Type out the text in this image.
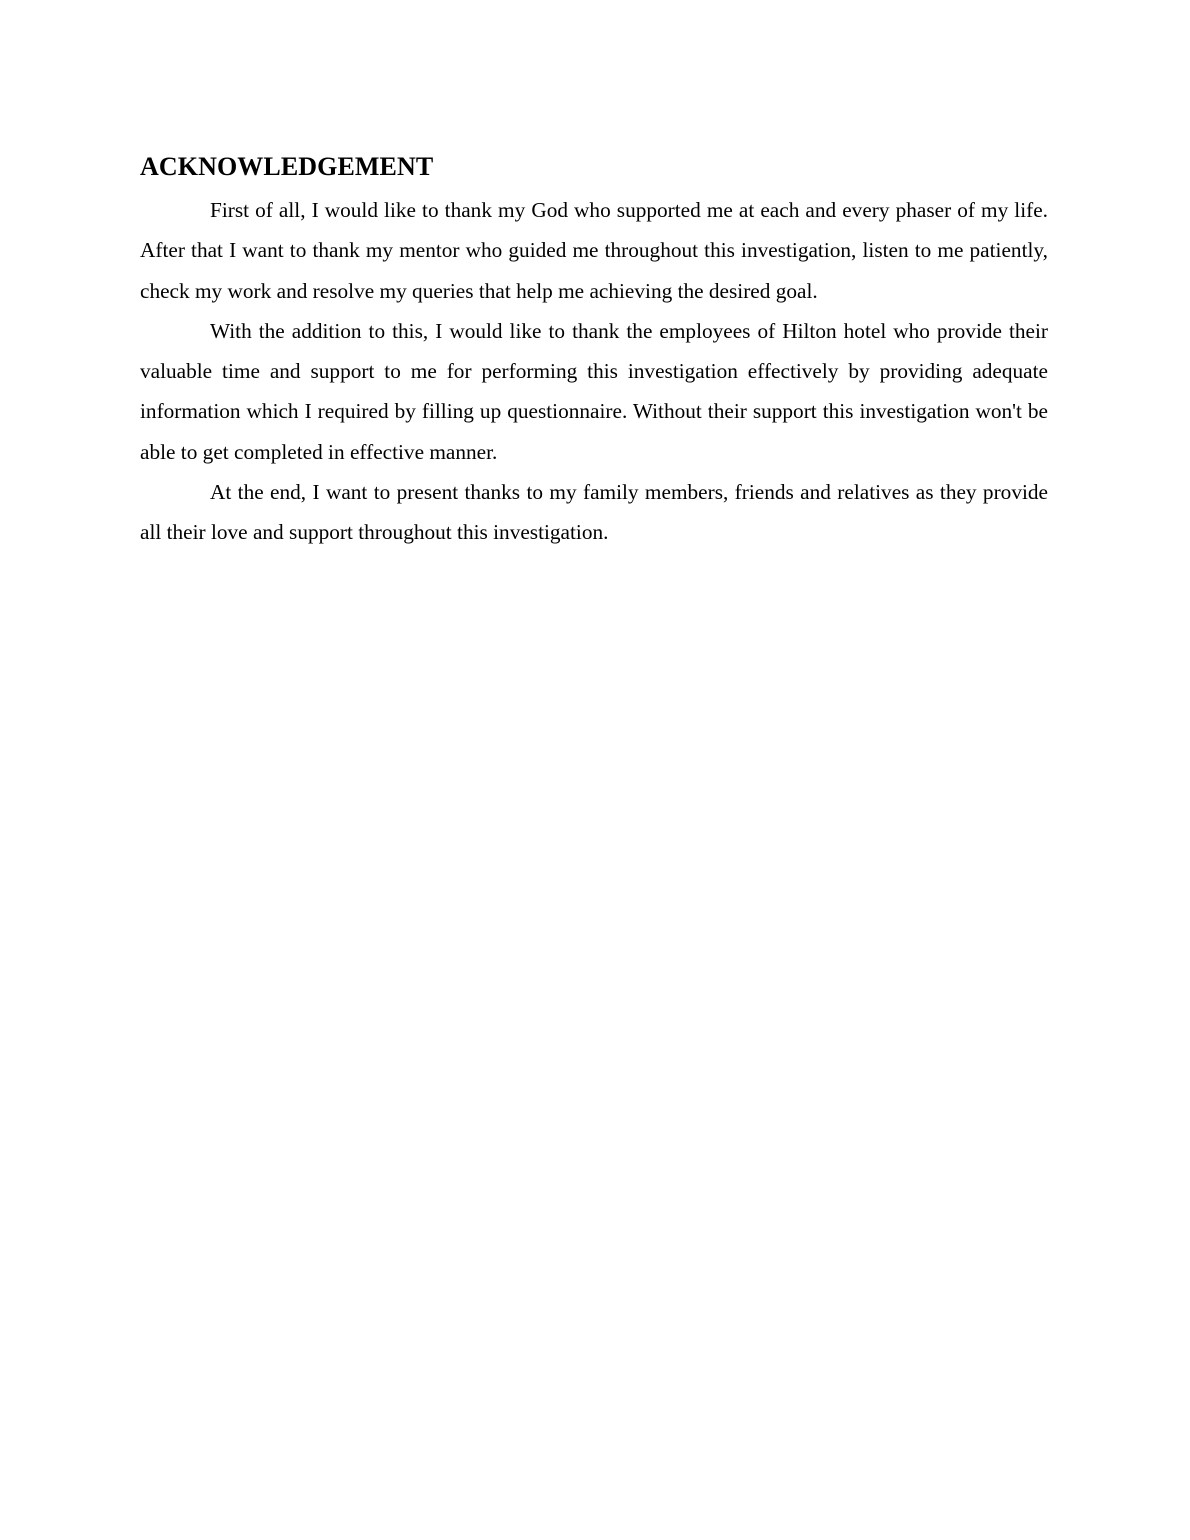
ACKNOWLEDGEMENT

First of all, I would like to thank my God who supported me at each and every phaser of my life. After that I want to thank my mentor who guided me throughout this investigation, listen to me patiently, check my work and resolve my queries that help me achieving the desired goal.

With the addition to this, I would like to thank the employees of Hilton hotel who provide their valuable time and support to me for performing this investigation effectively by providing adequate information which I required by filling up questionnaire. Without their support this investigation won't be able to get completed in effective manner.

At the end, I want to present thanks to my family members, friends and relatives as they provide all their love and support throughout this investigation.
